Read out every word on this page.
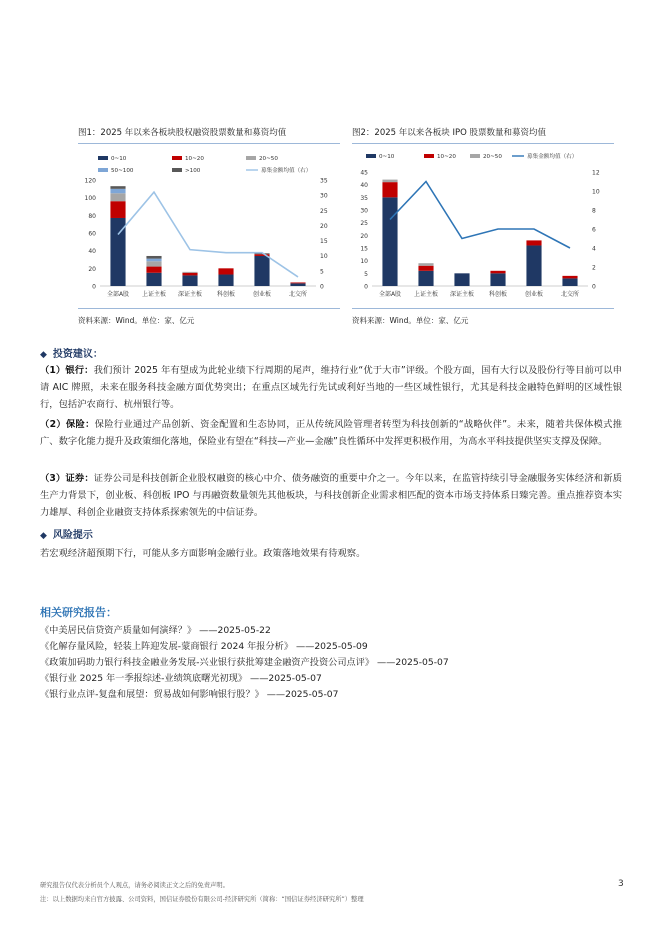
图1：2025 年以来各板块股权融资股票数量和募资均值
0
20
40
60
80
100
120
0
5
10
15
20
25
30
35
全部A股 上证主板 深证主板 科创板	创业板	北交所
0~10	10~20	20~50
50~100	>100	募集金额均值（右）
资料来源：Wind。单位：家、亿元
图2：2025 年以来各板块 IPO 股票数量和募资均值
0
5
10
15
20
25
30
35
40
45
0
2
4
6
8
10
12
全部A股 上证主板 深证主板 科创板	创业板	北交所
0~10	10~20	20~50	募集金额均值（右）
资料来源：Wind。单位：家、亿元
◆ 投资建议：
（1）银行：我们预计 2025 年有望成为此轮业绩下行周期的尾声，维持行业“优于大市”评级。个股方面，国有大行以及股份行等目前可以申请 AIC 牌照，未来在服务科技金融方面优势突出；在重点区域先行先试或利好当地的一些区域性银行，尤其是科技金融特色鲜明的区域性银行，包括沪农商行、杭州银行等。
（2）保险：保险行业通过产品创新、资金配置和生态协同，正从传统风险管理者转型为科技创新的“战略伙伴”。未来，随着共保体模式推广、数字化能力提升及政策细化落地，保险业有望在“科技—产业—金融”良性循环中发挥更积极作用，为高水平科技提供坚实支撑及保障。
（3）证券：证券公司是科技创新企业股权融资的核心中介、债务融资的重要中介之一。今年以来，在监管持续引导金融服务实体经济和新质生产力背景下，创业板、科创板 IPO 与再融资数量领先其他板块，与科技创新企业需求相匹配的资本市场支持体系日臻完善。重点推荐资本实力雄厚、科创企业融资支持体系探索领先的中信证券。
◆ 风险提示
若宏观经济超预期下行，可能从多方面影响金融行业。政策落地效果有待观察。
相关研究报告：
《中美居民信贷资产质量如何演绎？》 ——2025-05-22
《化解存量风险，轻装上阵迎发展-蒙商银行 2024 年报分析》 ——2025-05-09
《政策加码助力银行科技金融业务发展-兴业银行获批筹建金融资产投资公司点评》 ——2025-05-07
《银行业 2025 年一季报综述-业绩筑底曙光初现》 ——2025-05-07
《银行业点评-复盘和展望：贸易战如何影响银行股？》 ——2025-05-07
研究报告仅代表分析员个人观点，请务必阅读正文之后的免责声明。
注：以上数据均来自官方披露、公司资料，国信证券股份有限公司-经济研究所（简称：“国信证券经济研究所”）整理
3
